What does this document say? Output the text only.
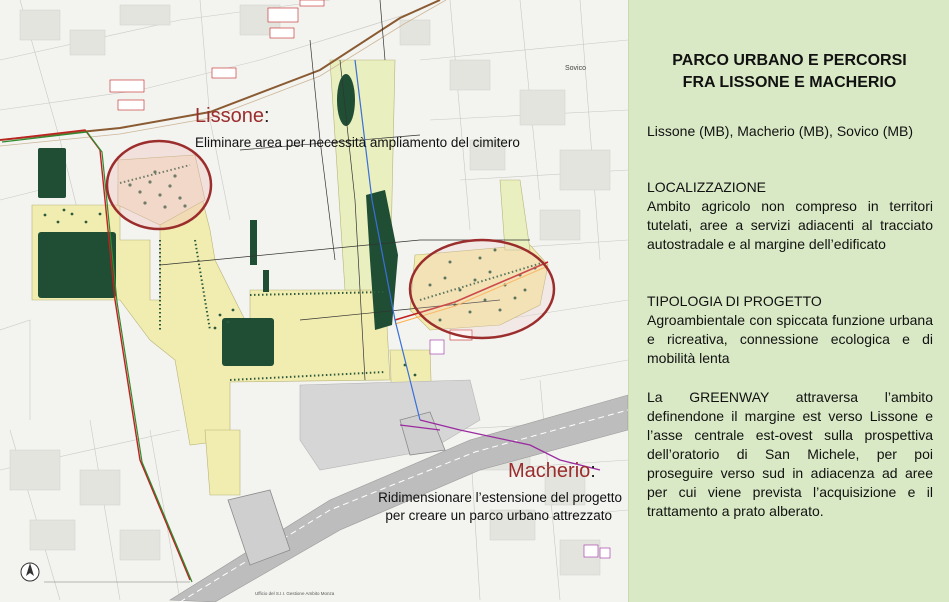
Lissone:
Eliminare area per necessità ampliamento del cimitero
Macherio:
Ridimensionare l’estensione del progetto
per creare un parco urbano attrezzato
Sovico
Ufficio del S.I.I. Gestione Ambito Monza
PARCO URBANO E PERCORSI
FRA LISSONE E MACHERIO
Lissone (MB), Macherio (MB), Sovico (MB)
LOCALIZZAZIONE
Ambito agricolo non compreso in territori tutelati, aree a servizi adiacenti al tracciato autostradale e al margine dell’edificato
TIPOLOGIA DI PROGETTO
Agroambientale con spiccata funzione urbana e ricreativa, connessione ecologica e di mobilità lenta
La GREENWAY attraversa l’ambito definendone il margine est verso Lissone e l’asse centrale est-ovest sulla prospettiva dell’oratorio di San Michele, per poi proseguire verso sud in adiacenza ad aree per cui viene prevista l’acquisizione e il trattamento a prato alberato.
